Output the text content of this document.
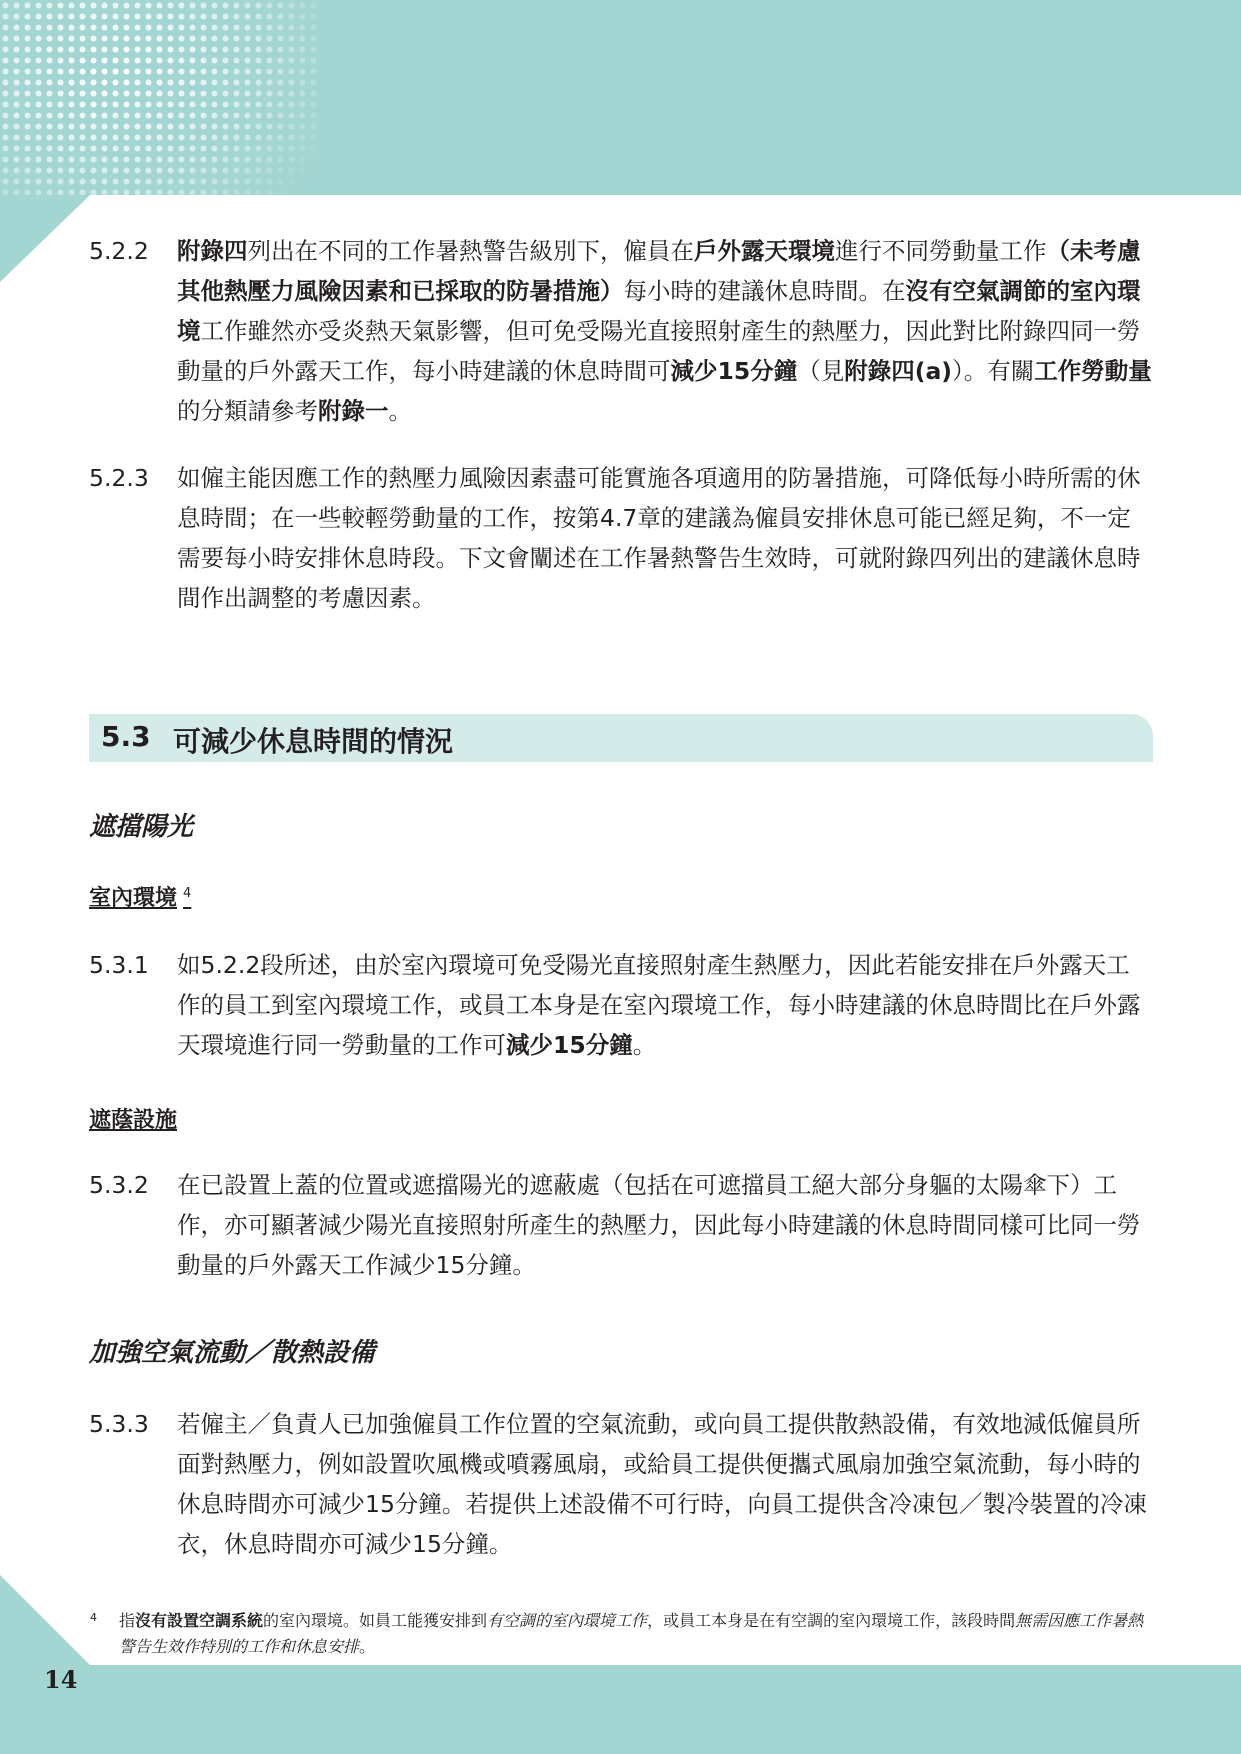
5.2.2	附錄四列出在不同的工作暑熱警告級別下，僱員在戶外露天環境進行不同勞動量工作（未考慮其他熱壓力風險因素和已採取的防暑措施）每小時的建議休息時間。在沒有空氣調節的室內環境工作雖然亦受炎熱天氣影響，但可免受陽光直接照射產生的熱壓力，因此對比附錄四同一勞動量的戶外露天工作，每小時建議的休息時間可減少15分鐘（見附錄四(a)）。有關工作勞動量的分類請參考附錄一。
5.2.3	如僱主能因應工作的熱壓力風險因素盡可能實施各項適用的防暑措施，可降低每小時所需的休息時間；在一些較輕勞動量的工作，按第4.7章的建議為僱員安排休息可能已經足夠，不一定需要每小時安排休息時段。下文會闡述在工作暑熱警告生效時，可就附錄四列出的建議休息時間作出調整的考慮因素。
5.3 可減少休息時間的情況
遮擋陽光
室內環境 $^4$
5.3.1	如5.2.2段所述，由於室內環境可免受陽光直接照射產生熱壓力，因此若能安排在戶外露天工作的員工到室內環境工作，或員工本身是在室內環境工作，每小時建議的休息時間比在戶外露天環境進行同一勞動量的工作可減少15分鐘。
遮蔭設施
5.3.2	在已設置上蓋的位置或遮擋陽光的遮蔽處（包括在可遮擋員工絕大部分身軀的太陽傘下）工作，亦可顯著減少陽光直接照射所產生的熱壓力，因此每小時建議的休息時間同樣可比同一勞動量的戶外露天工作減少15分鐘。
加強空氣流動／散熱設備
5.3.3	若僱主／負責人已加強僱員工作位置的空氣流動，或向員工提供散熱設備，有效地減低僱員所面對熱壓力，例如設置吹風機或噴霧風扇，或給員工提供便攜式風扇加強空氣流動，每小時的休息時間亦可減少15分鐘。若提供上述設備不可行時，向員工提供含冷凍包／製冷裝置的冷凍衣，休息時間亦可減少15分鐘。
4 指沒有設置空調系統的室內環境。如員工能獲安排到有空調的室內環境工作，或員工本身是在有空調的室內環境工作，該段時間無需因應工作暑熱警告生效作特別的工作和休息安排。
14
